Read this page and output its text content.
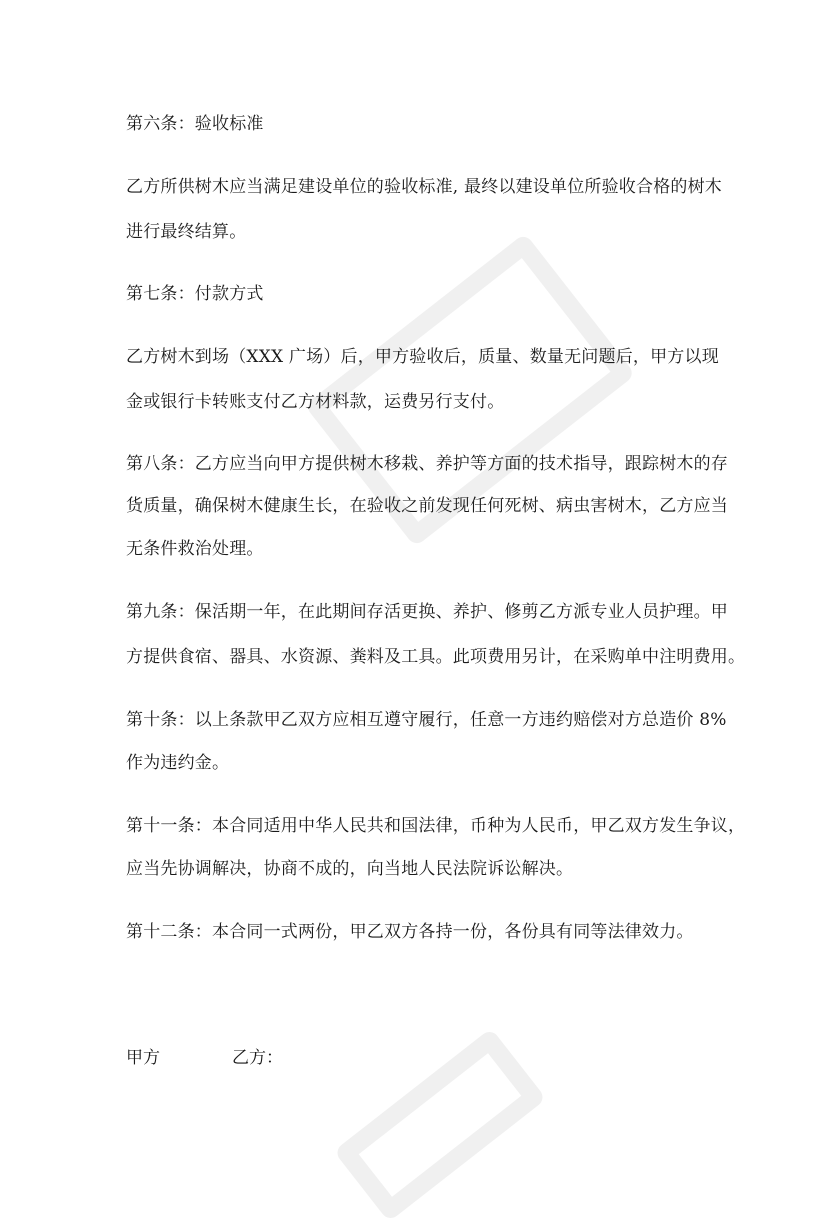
第六条：验收标准
乙方所供树木应当满足建设单位的验收标准, 最终以建设单位所验收合格的树木
进行最终结算。
第七条：付款方式
乙方树木到场（XXX 广场）后，甲方验收后，质量、数量无问题后，甲方以现
金或银行卡转账支付乙方材料款，运费另行支付。
第八条：乙方应当向甲方提供树木移栽、养护等方面的技术指导，跟踪树木的存
货质量，确保树木健康生长，在验收之前发现任何死树、病虫害树木，乙方应当
无条件救治处理。
第九条：保活期一年，在此期间存活更换、养护、修剪乙方派专业人员护理。甲
方提供食宿、器具、水资源、粪料及工具。此项费用另计，在采购单中注明费用。
第十条：以上条款甲乙双方应相互遵守履行，任意一方违约赔偿对方总造价 8%
作为违约金。
第十一条：本合同适用中华人民共和国法律，币种为人民币，甲乙双方发生争议，
应当先协调解决，协商不成的，向当地人民法院诉讼解决。
第十二条：本合同一式两份，甲乙双方各持一份，各份具有同等法律效力。
甲方	乙方：
